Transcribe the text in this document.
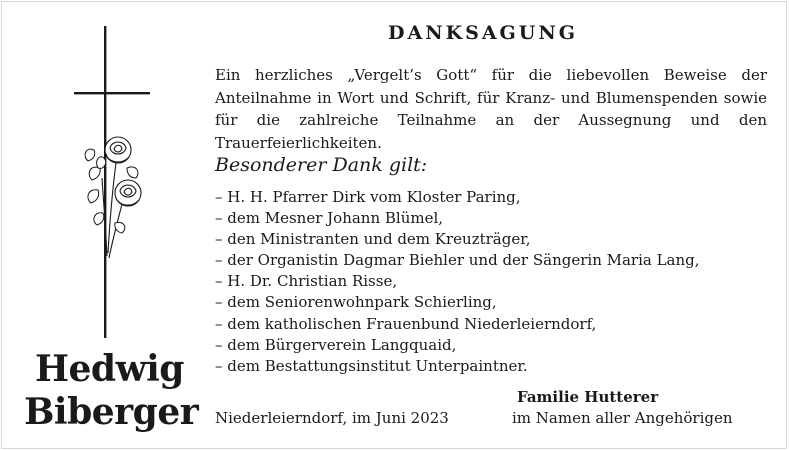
Hedwig
Biberger
DANKSAGUNG

Ein herzliches „Vergelt’s Gott“ für die liebevollen Beweise der Anteilnahme in Wort und Schrift, für Kranz- und Blumenspenden sowie für die zahlreiche Teilnahme an der Aussegnung und den Trauerfeierlichkeiten.

Besonderer Dank gilt:
– H. H. Pfarrer Dirk vom Kloster Paring,
– dem Mesner Johann Blümel,
– den Ministranten und dem Kreuzträger,
– der Organistin Dagmar Biehler und der Sängerin Maria Lang,
– H. Dr. Christian Risse,
– dem Seniorenwohnpark Schierling,
– dem katholischen Frauenbund Niederleierndorf,
– dem Bürgerverein Langquaid,
– dem Bestattungsinstitut Unterpaintner.
Niederleierndorf, im Juni 2023
Familie Hutterer
im Namen aller Angehörigen
